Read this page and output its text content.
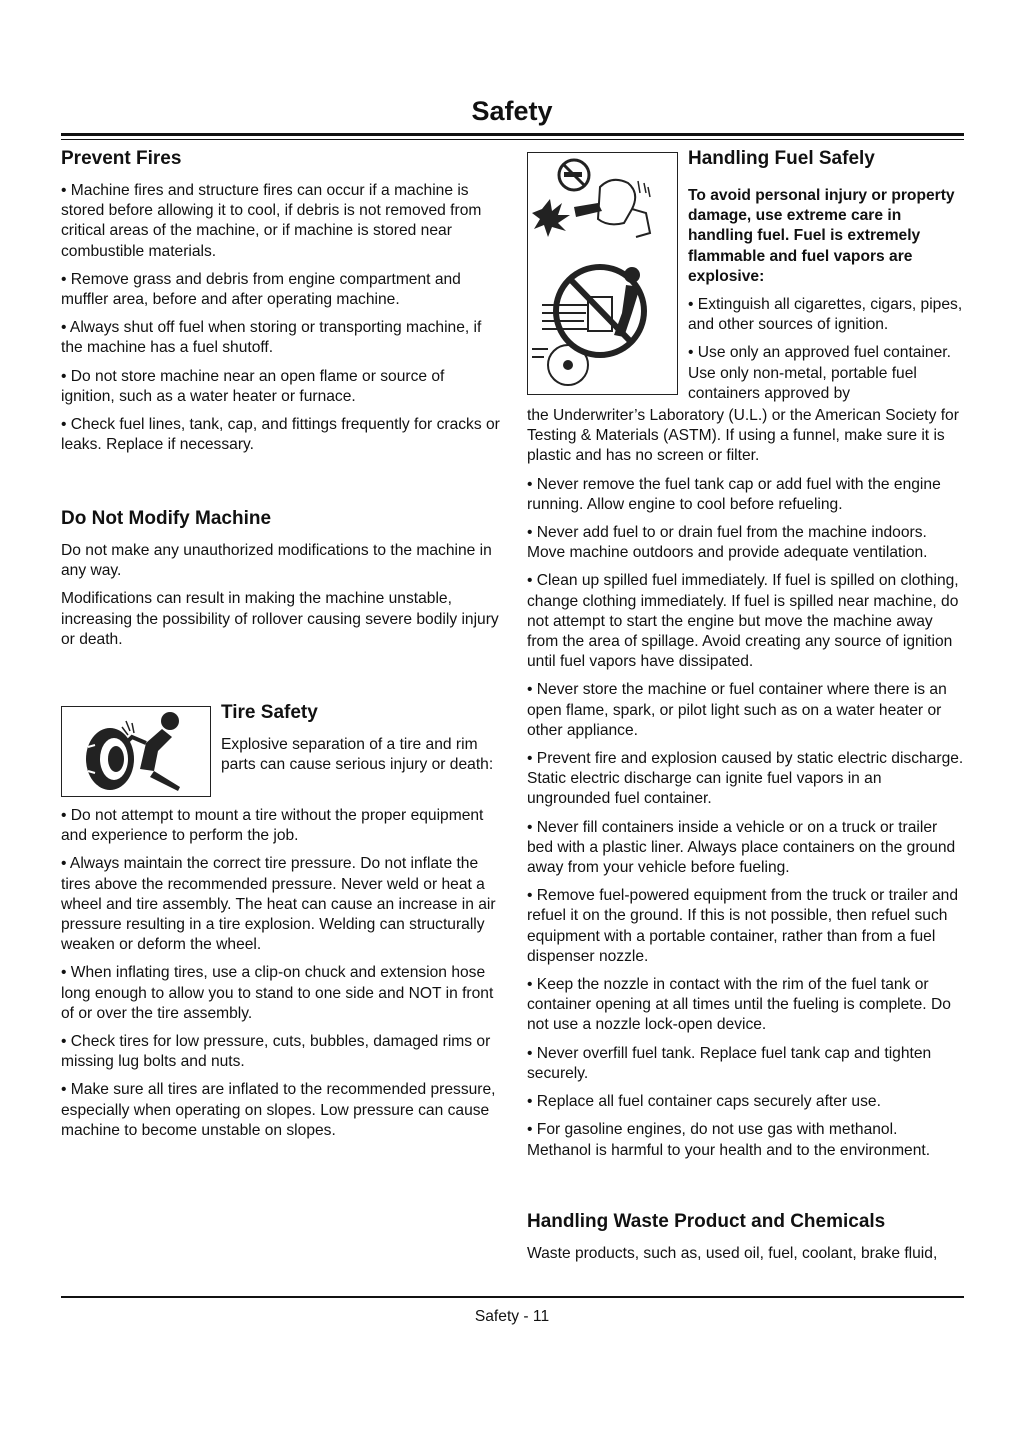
Safety
Prevent Fires

• Machine fires and structure fires can occur if a machine is stored before allowing it to cool, if debris is not removed from critical areas of the machine, or if machine is stored near combustible materials.

• Remove grass and debris from engine compartment and muffler area, before and after operating machine.

• Always shut off fuel when storing or transporting machine, if the machine has a fuel shutoff.

• Do not store machine near an open flame or source of ignition, such as a water heater or furnace.

• Check fuel lines, tank, cap, and fittings frequently for cracks or leaks. Replace if necessary.

Do Not Modify Machine

Do not make any unauthorized modifications to the machine in any way.

Modifications can result in making the machine unstable, increasing the possibility of rollover causing severe bodily injury or death.

Tire Safety

Explosive separation of a tire and rim parts can cause serious injury or death:

• Do not attempt to mount a tire without the proper equipment and experience to perform the job.

• Always maintain the correct tire pressure. Do not inflate the tires above the recommended pressure. Never weld or heat a wheel and tire assembly. The heat can cause an increase in air pressure resulting in a tire explosion. Welding can structurally weaken or deform the wheel.

• When inflating tires, use a clip-on chuck and extension hose long enough to allow you to stand to one side and NOT in front of or over the tire assembly.

• Check tires for low pressure, cuts, bubbles, damaged rims or missing lug bolts and nuts.

• Make sure all tires are inflated to the recommended pressure, especially when operating on slopes. Low pressure can cause machine to become unstable on slopes.

Handling Fuel Safely

To avoid personal injury or property damage, use extreme care in handling fuel. Fuel is extremely flammable and fuel vapors are explosive:

• Extinguish all cigarettes, cigars, pipes, and other sources of ignition.

• Use only an approved fuel container. Use only non-metal, portable fuel containers approved by

the Underwriter’s Laboratory (U.L.) or the American Society for Testing & Materials (ASTM). If using a funnel, make sure it is plastic and has no screen or filter.

• Never remove the fuel tank cap or add fuel with the engine running. Allow engine to cool before refueling.

• Never add fuel to or drain fuel from the machine indoors. Move machine outdoors and provide adequate ventilation.

• Clean up spilled fuel immediately. If fuel is spilled on clothing, change clothing immediately. If fuel is spilled near machine, do not attempt to start the engine but move the machine away from the area of spillage. Avoid creating any source of ignition until fuel vapors have dissipated.

• Never store the machine or fuel container where there is an open flame, spark, or pilot light such as on a water heater or other appliance.

• Prevent fire and explosion caused by static electric discharge. Static electric discharge can ignite fuel vapors in an ungrounded fuel container.

• Never fill containers inside a vehicle or on a truck or trailer bed with a plastic liner. Always place containers on the ground away from your vehicle before fueling.

• Remove fuel-powered equipment from the truck or trailer and refuel it on the ground. If this is not possible, then refuel such equipment with a portable container, rather than from a fuel dispenser nozzle.

• Keep the nozzle in contact with the rim of the fuel tank or container opening at all times until the fueling is complete. Do not use a nozzle lock-open device.

• Never overfill fuel tank. Replace fuel tank cap and tighten securely.

• Replace all fuel container caps securely after use.

• For gasoline engines, do not use gas with methanol. Methanol is harmful to your health and to the environment.

Handling Waste Product and Chemicals

Waste products, such as, used oil, fuel, coolant, brake fluid,

Safety - 11
